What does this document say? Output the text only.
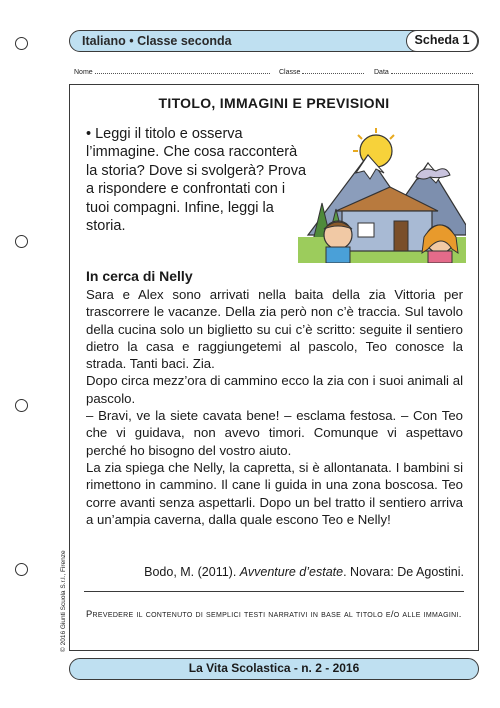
Italiano • Classe seconda	Scheda 1
Nome	Classe	Data
TITOLO, IMMAGINI E PREVISIONI
• Leggi il titolo e osserva l’immagine. Che cosa racconterà la storia? Dove si svolgerà? Prova a rispondere e confrontati con i tuoi compagni. Infine, leggi la storia.
In cerca di Nelly

Sara e Alex sono arrivati nella baita della zia Vittoria per trascorrere le vacanze. Della zia però non c’è traccia. Sul tavolo della cucina solo un biglietto su cui c’è scritto: seguite il sentiero dietro la casa e raggiungetemi al pascolo, Teo conosce la strada. Tanti baci. Zia.

Dopo circa mezz’ora di cammino ecco la zia con i suoi animali al pascolo.

– Bravi, ve la siete cavata bene! – esclama festosa. – Con Teo che vi guidava, non avevo timori. Comunque vi aspettavo perché ho bisogno del vostro aiuto.

La zia spiega che Nelly, la capretta, si è allontanata. I bambini si rimettono in cammino. Il cane li guida in una zona boscosa. Teo corre avanti senza aspettarli. Dopo un bel tratto il sentiero arriva a un’ampia caverna, dalla quale escono Teo e Nelly!

Bodo, M. (2011). Avventure d’estate. Novara: De Agostini.
Prevedere il contenuto di semplici testi narrativi in base al titolo e/o alle immagini.
© 2016 Giunti Scuola S.r.l., Firenze
La Vita Scolastica - n. 2 - 2016
